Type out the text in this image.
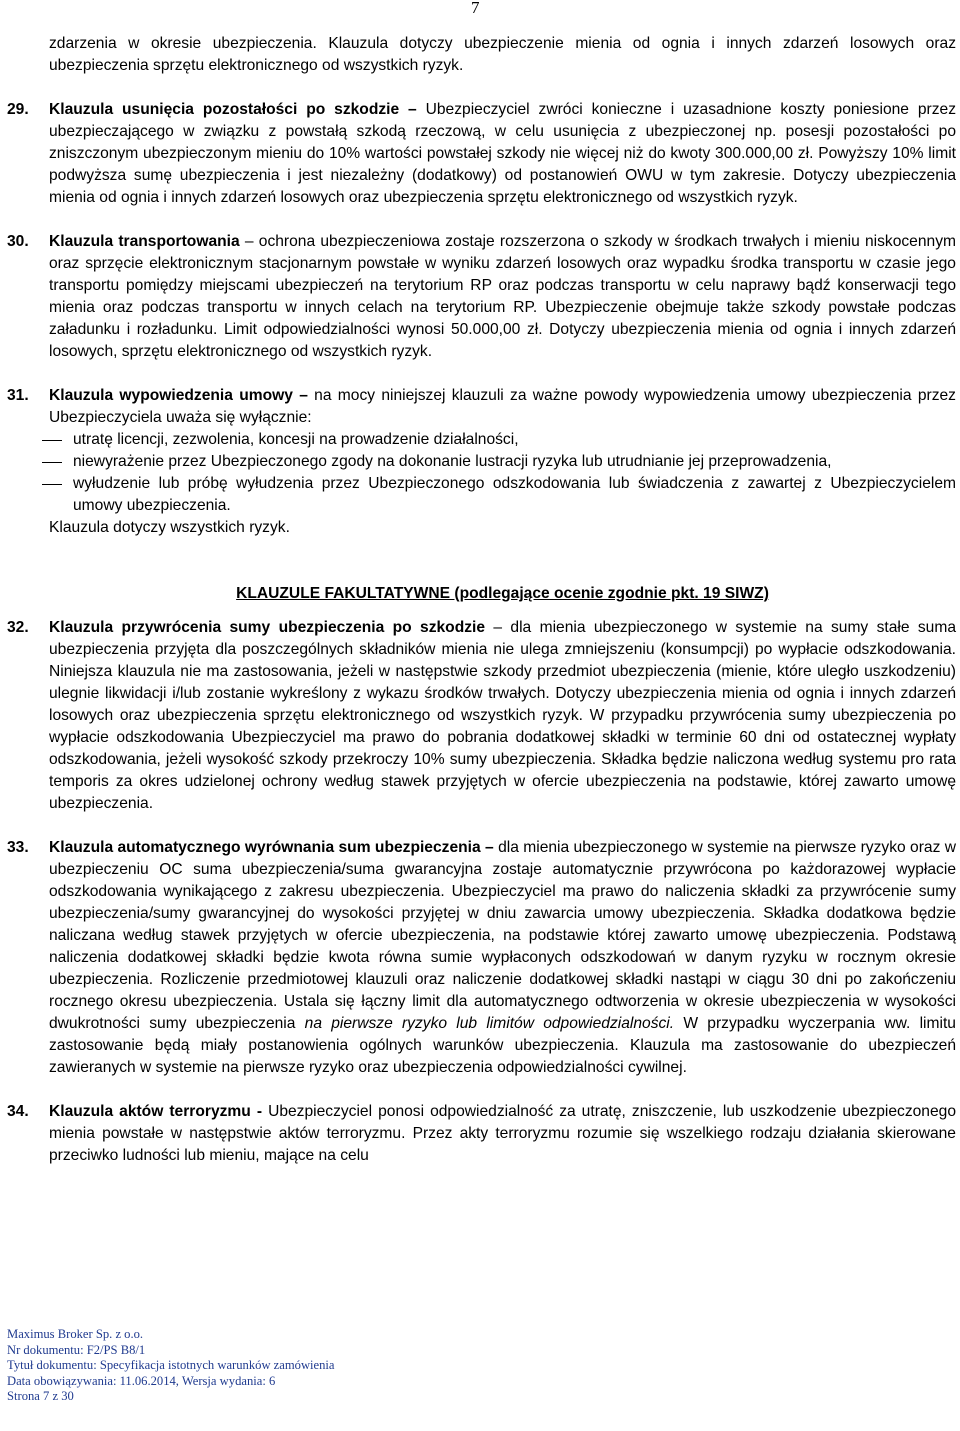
7

zdarzenia w okresie ubezpieczenia. Klauzula dotyczy ubezpieczenie mienia od ognia i innych zdarzeń losowych oraz ubezpieczenia sprzętu elektronicznego od wszystkich ryzyk.

29. Klauzula usunięcia pozostałości po szkodzie – Ubezpieczyciel zwróci konieczne i uzasadnione koszty poniesione przez ubezpieczającego w związku z powstałą szkodą rzeczową, w celu usunięcia z ubezpieczonej np. posesji pozostałości po zniszczonym ubezpieczonym mieniu do 10% wartości powstałej szkody nie więcej niż do kwoty 300.000,00 zł. Powyższy 10% limit podwyższa sumę ubezpieczenia i jest niezależny (dodatkowy) od postanowień OWU w tym zakresie. Dotyczy ubezpieczenia mienia od ognia i innych zdarzeń losowych oraz ubezpieczenia sprzętu elektronicznego od wszystkich ryzyk.
30. Klauzula transportowania – ochrona ubezpieczeniowa zostaje rozszerzona o szkody w środkach trwałych i mieniu niskocennym oraz sprzęcie elektronicznym stacjonarnym powstałe w wyniku zdarzeń losowych oraz wypadku środka transportu w czasie jego transportu pomiędzy miejscami ubezpieczeń na terytorium RP oraz podczas transportu w celu naprawy bądź konserwacji tego mienia oraz podczas transportu w innych celach na terytorium RP. Ubezpieczenie obejmuje także szkody powstałe podczas załadunku i rozładunku. Limit odpowiedzialności wynosi 50.000,00 zł. Dotyczy ubezpieczenia mienia od ognia i innych zdarzeń losowych, sprzętu elektronicznego od wszystkich ryzyk.
31. Klauzula wypowiedzenia umowy – na mocy niniejszej klauzuli za ważne powody wypowiedzenia umowy ubezpieczenia przez Ubezpieczyciela uważa się wyłącznie:

utratę licencji, zezwolenia, koncesji na prowadzenie działalności,

niewyrażenie przez Ubezpieczonego zgody na dokonanie lustracji ryzyka lub utrudnianie jej przeprowadzenia,

wyłudzenie lub próbę wyłudzenia przez Ubezpieczonego odszkodowania lub świadczenia z zawartej z Ubezpieczycielem umowy ubezpieczenia.

Klauzula dotyczy wszystkich ryzyk.

KLAUZULE FAKULTATYWNE (podlegające ocenie zgodnie pkt. 19 SIWZ)

32. Klauzula przywrócenia sumy ubezpieczenia po szkodzie – dla mienia ubezpieczonego w systemie na sumy stałe suma ubezpieczenia przyjęta dla poszczególnych składników mienia nie ulega zmniejszeniu (konsumpcji) po wypłacie odszkodowania. Niniejsza klauzula nie ma zastosowania, jeżeli w następstwie szkody przedmiot ubezpieczenia (mienie, które uległo uszkodzeniu) ulegnie likwidacji i/lub zostanie wykreślony z wykazu środków trwałych. Dotyczy ubezpieczenia mienia od ognia i innych zdarzeń losowych oraz ubezpieczenia sprzętu elektronicznego od wszystkich ryzyk. W przypadku przywrócenia sumy ubezpieczenia po wypłacie odszkodowania Ubezpieczyciel ma prawo do pobrania dodatkowej składki w terminie 60 dni od ostatecznej wypłaty odszkodowania, jeżeli wysokość szkody przekroczy 10% sumy ubezpieczenia. Składka będzie naliczona według systemu pro rata temporis za okres udzielonej ochrony według stawek przyjętych w ofercie ubezpieczenia na podstawie, której zawarto umowę ubezpieczenia.
33. Klauzula automatycznego wyrównania sum ubezpieczenia – dla mienia ubezpieczonego w systemie na pierwsze ryzyko oraz w ubezpieczeniu OC suma ubezpieczenia/suma gwarancyjna zostaje automatycznie przywrócona po każdorazowej wypłacie odszkodowania wynikającego z zakresu ubezpieczenia. Ubezpieczyciel ma prawo do naliczenia składki za przywrócenie sumy ubezpieczenia/sumy gwarancyjnej do wysokości przyjętej w dniu zawarcia umowy ubezpieczenia. Składka dodatkowa będzie naliczana według stawek przyjętych w ofercie ubezpieczenia, na podstawie której zawarto umowę ubezpieczenia. Podstawą naliczenia dodatkowej składki będzie kwota równa sumie wypłaconych odszkodowań w danym ryzyku w rocznym okresie ubezpieczenia. Rozliczenie przedmiotowej klauzuli oraz naliczenie dodatkowej składki nastąpi w ciągu 30 dni po zakończeniu rocznego okresu ubezpieczenia. Ustala się łączny limit dla automatycznego odtworzenia w okresie ubezpieczenia w wysokości dwukrotności sumy ubezpieczenia na pierwsze ryzyko lub limitów odpowiedzialności. W przypadku wyczerpania ww. limitu zastosowanie będą miały postanowienia ogólnych warunków ubezpieczenia. Klauzula ma zastosowanie do ubezpieczeń zawieranych w systemie na pierwsze ryzyko oraz ubezpieczenia odpowiedzialności cywilnej.
34. Klauzula aktów terroryzmu - Ubezpieczyciel ponosi odpowiedzialność za utratę, zniszczenie, lub uszkodzenie ubezpieczonego mienia powstałe w następstwie aktów terroryzmu. Przez akty terroryzmu rozumie się wszelkiego rodzaju działania skierowane przeciwko ludności lub mieniu, mające na celu
Maximus Broker Sp. z o.o.
Nr dokumentu: F2/PS B8/1
Tytuł dokumentu: Specyfikacja istotnych warunków zamówienia
Data obowiązywania: 11.06.2014, Wersja wydania: 6
Strona 7 z 30
